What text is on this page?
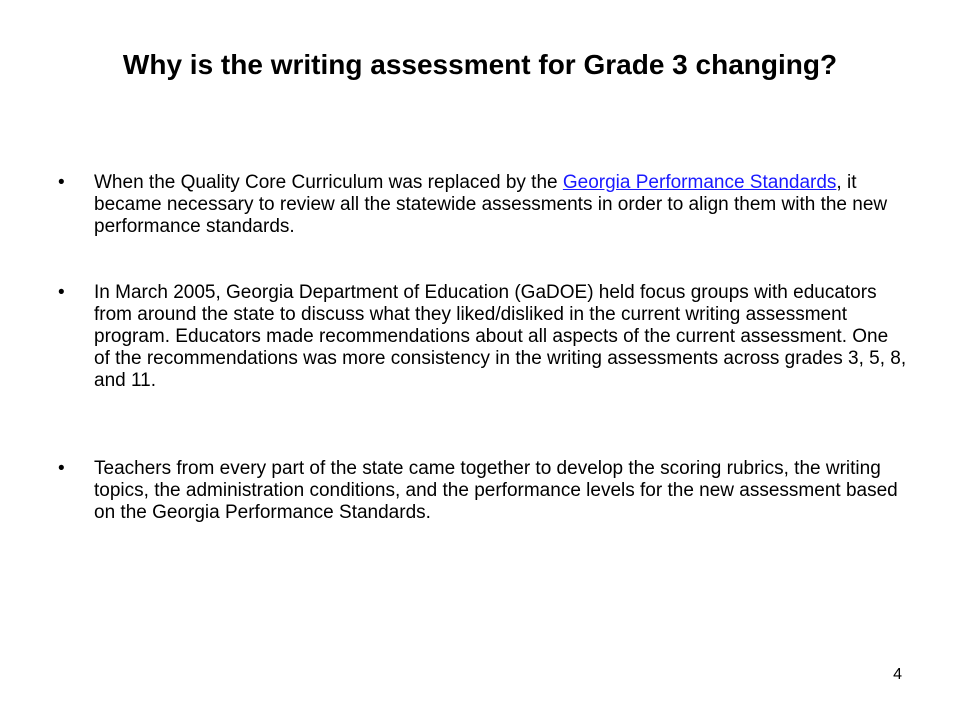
Why is the writing assessment for Grade 3 changing?
•	When the Quality Core Curriculum was replaced by the Georgia Performance Standards, it became necessary to review all the statewide assessments in order to align them with the new performance standards.
•	In March 2005, Georgia Department of Education (GaDOE) held focus groups with educators from around the state to discuss what they liked/disliked in the current writing assessment program. Educators made recommendations about all aspects of the current assessment. One of the recommendations was more consistency in the writing assessments across grades 3, 5, 8, and 11.
•	Teachers from every part of the state came together to develop the scoring rubrics, the writing topics, the administration conditions, and the performance levels for the new assessment based on the Georgia Performance Standards.
4
